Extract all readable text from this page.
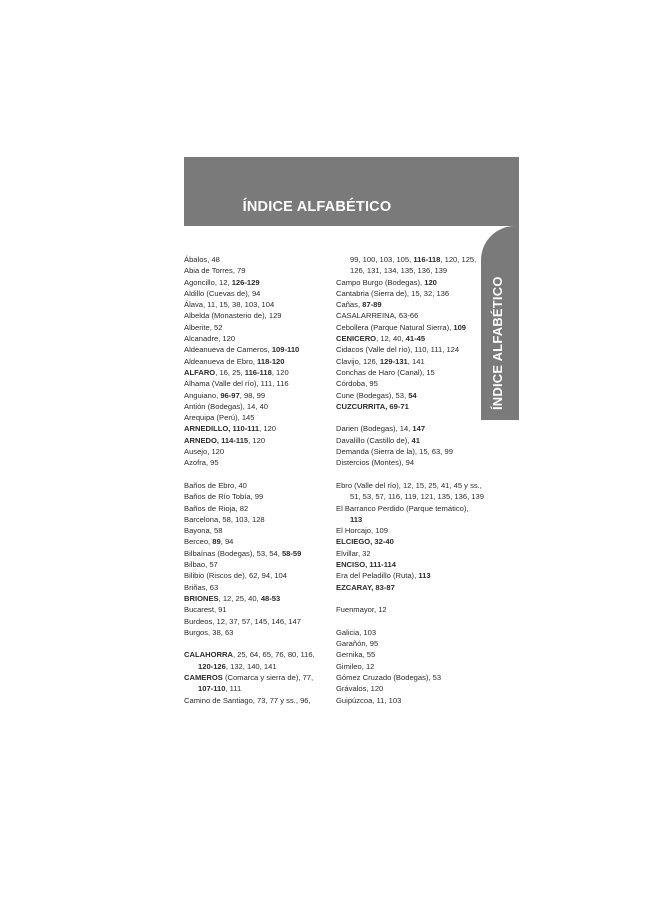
ÍNDICE ALFABÉTICO
ÍNDICE ALFABÉTICO
Ábalos, 48
Abia de Torres, 79
Agoncillo, 12, 126-129
Aldillo (Cuevas de), 94
Álava, 11, 15, 38, 103, 104
Albelda (Monasterio de), 129
Alberite, 52
Alcanadre, 120
Aldeanueva de Cameros, 109-110
Aldeanueva de Ebro, 118-120
ALFARO, 16, 25, 116-118, 120
Alhama (Valle del río), 111, 116
Anguiano, 96-97, 98, 99
Antión (Bodegas), 14, 40
Arequipa (Perú), 145
ARNEDILLO, 110-111, 120
ARNEDO, 114-115, 120
Ausejo, 120
Azofra, 95
Baños de Ebro, 40
Baños de Río Tobía, 99
Baños de Rioja, 82
Barcelona, 58, 103, 128
Bayona, 58
Berceo, 89, 94
Bilbaínas (Bodegas), 53, 54, 58-59
Bilbao, 57
Bilibio (Riscos de), 62, 94, 104
Briñas, 63
BRIONES, 12, 25, 40, 48-53
Bucarest, 91
Burdeos, 12, 37, 57, 145, 146, 147
Burgos, 38, 63
CALAHORRA, 25, 64, 65, 76, 80, 116,
120-126, 132, 140, 141
CAMEROS (Comarca y sierra de), 77,
107-110, 111
Camino de Santiago, 73, 77 y ss., 96,
99, 100, 103, 105, 116-118, 120, 125,
126, 131, 134, 135, 136, 139
Campo Burgo (Bodegas), 120
Cantabria (Sierra de), 15, 32, 136
Cañas, 87-89
CASALARREINA, 63-66
Cebollera (Parque Natural Sierra), 109
CENICERO, 12, 40, 41-45
Cidacos (Valle del río), 110, 111, 124
Clavijo, 126, 129-131, 141
Conchas de Haro (Canal), 15
Córdoba, 95
Cune (Bodegas), 53, 54
CUZCURRITA, 69-71
Darien (Bodegas), 14, 147
Davalillo (Castillo de), 41
Demanda (Sierra de la), 15, 63, 99
Distercios (Montes), 94
Ebro (Valle del río), 12, 15, 25, 41, 45 y ss.,
51, 53, 57, 116, 119, 121, 135, 136, 139
El Barranco Perdido (Parque temático),
113
El Horcajo, 109
ELCIEGO, 32-40
Elvillar, 32
ENCISO, 111-114
Era del Peladillo (Ruta), 113
EZCARAY, 83-87
Fuenmayor, 12
Galicia, 103
Garañón, 95
Gernika, 55
Gimileo, 12
Gómez Cruzado (Bodegas), 53
Grávalos, 120
Guipúzcoa, 11, 103
